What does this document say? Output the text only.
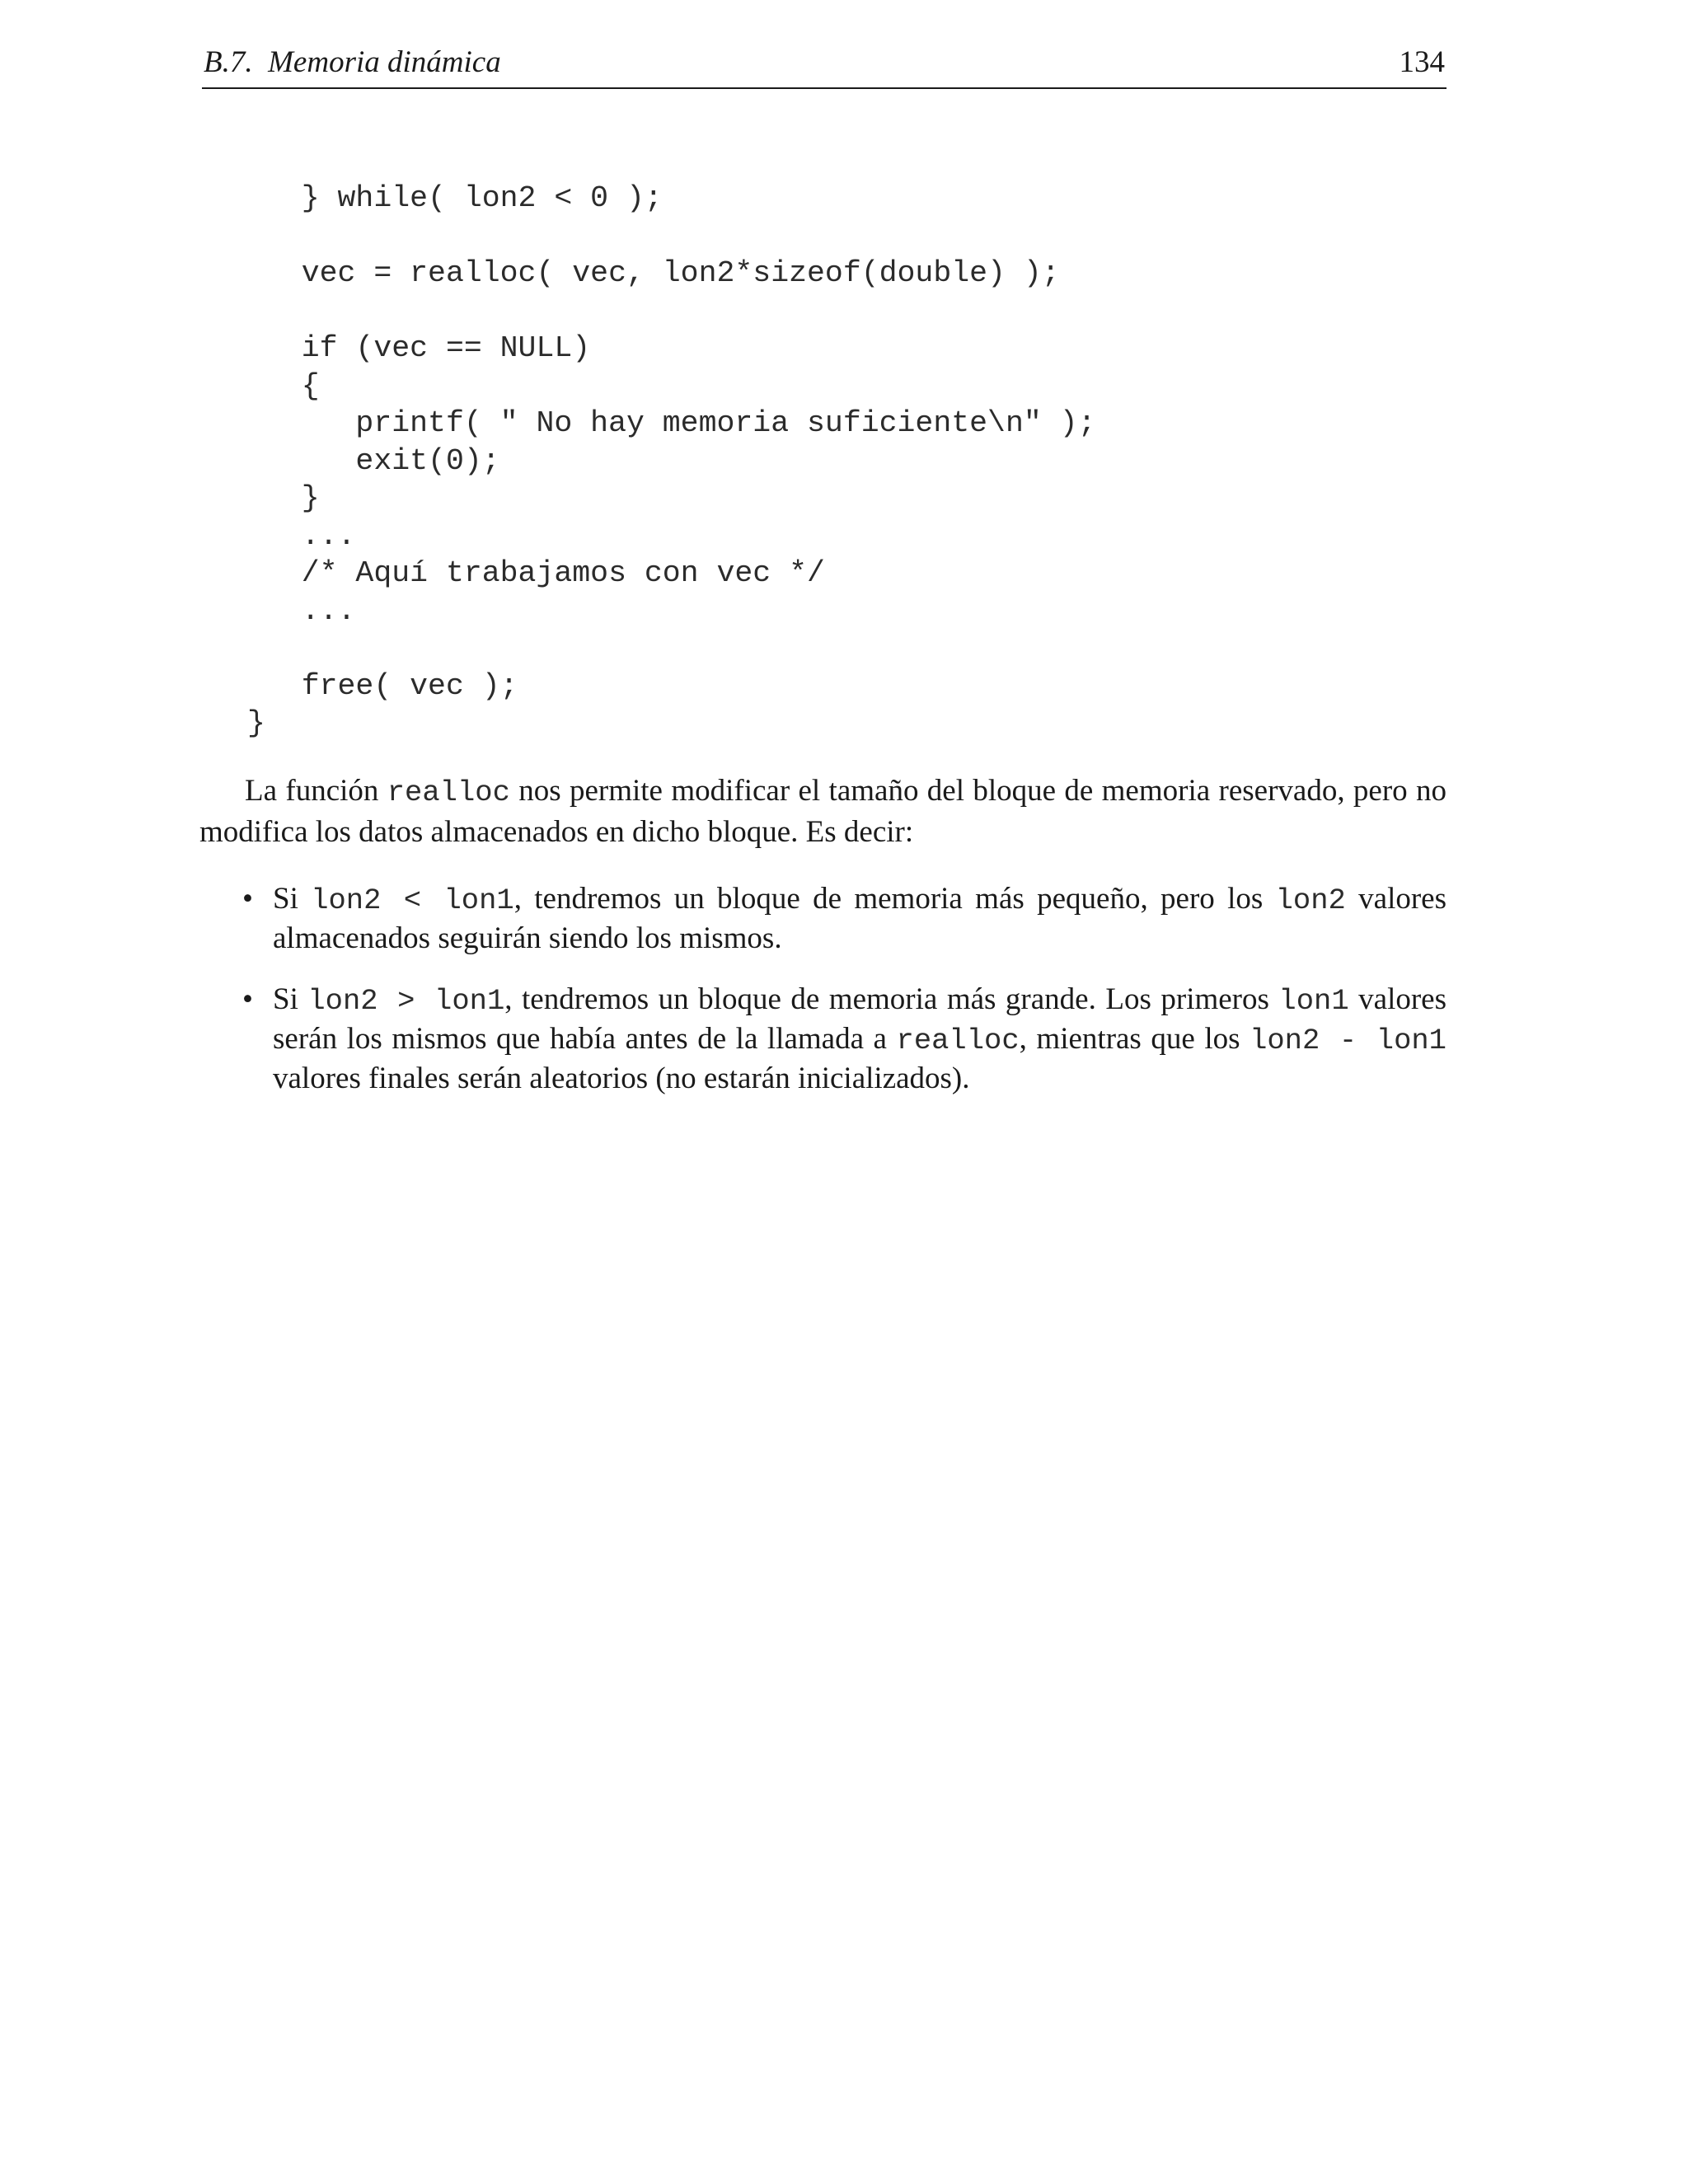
B.7.  Memoria dinámica	134
} while( lon2 < 0 );
vec = realloc( vec, lon2*sizeof(double) );
if (vec == NULL)
{
printf( " No hay memoria suficiente\n" );
exit(0);
}
...
/* Aquí trabajamos con vec */
...
free( vec );
}

La función realloc nos permite modificar el tamaño del bloque de memoria reservado, pero no modifica los datos almacenados en dicho bloque. Es decir:

• Si lon2 < lon1, tendremos un bloque de memoria más pequeño, pero los lon2 valores almacenados seguirán siendo los mismos.
• Si lon2 > lon1, tendremos un bloque de memoria más grande. Los primeros lon1 valores serán los mismos que había antes de la llamada a realloc, mientras que los lon2 - lon1 valores finales serán aleatorios (no estarán inicializados).
